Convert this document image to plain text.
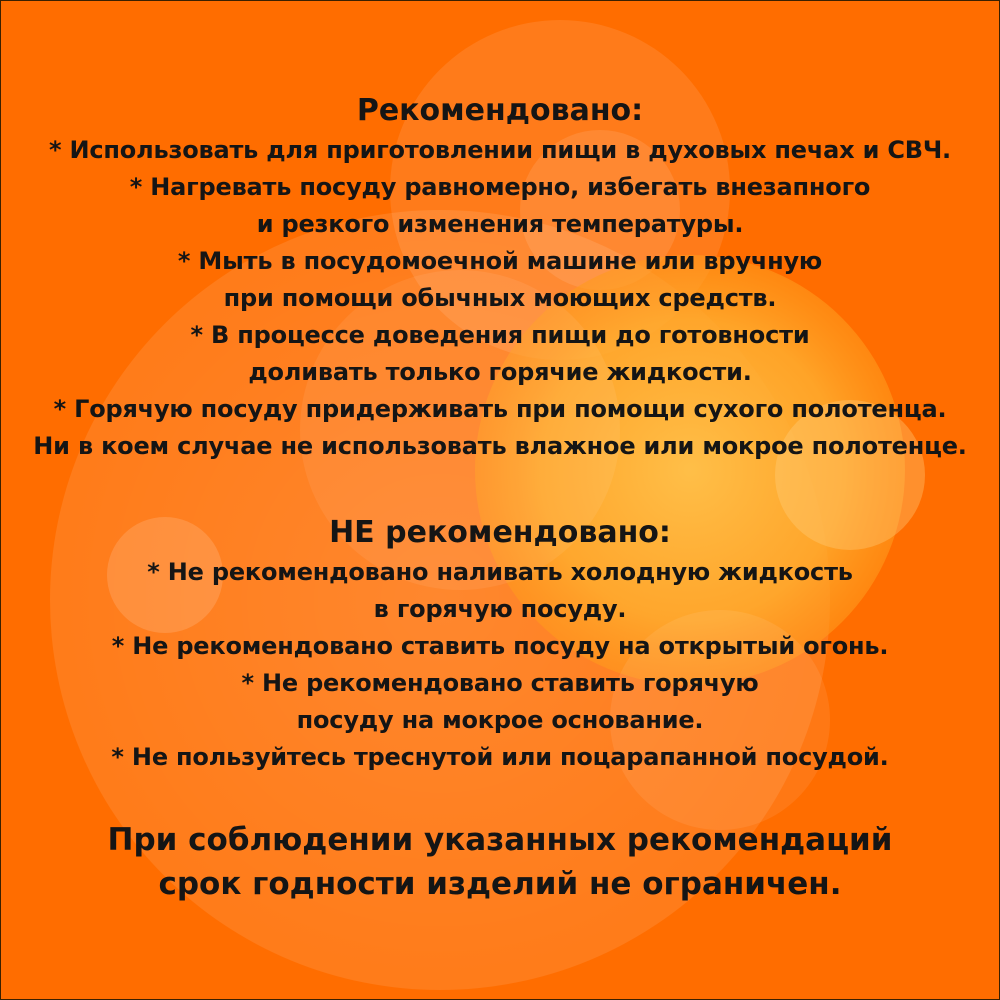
Рекомендовано:
* Использовать для приготовлении пищи в духовых печах и СВЧ.
* Нагревать посуду равномерно, избегать внезапного
и резкого изменения температуры.
* Мыть в посудомоечной машине или вручную
при помощи обычных моющих средств.
* В процессе доведения пищи до готовности
доливать только горячие жидкости.
* Горячую посуду придерживать при помощи сухого полотенца.
Ни в коем случае не использовать влажное или мокрое полотенце.
НЕ рекомендовано:
* Не рекомендовано наливать холодную жидкость
в горячую посуду.
* Не рекомендовано ставить посуду на открытый огонь.
* Не рекомендовано ставить горячую
посуду на мокрое основание.
* Не пользуйтесь треснутой или поцарапанной посудой.
При соблюдении указанных рекомендаций
срок годности изделий не ограничен.
